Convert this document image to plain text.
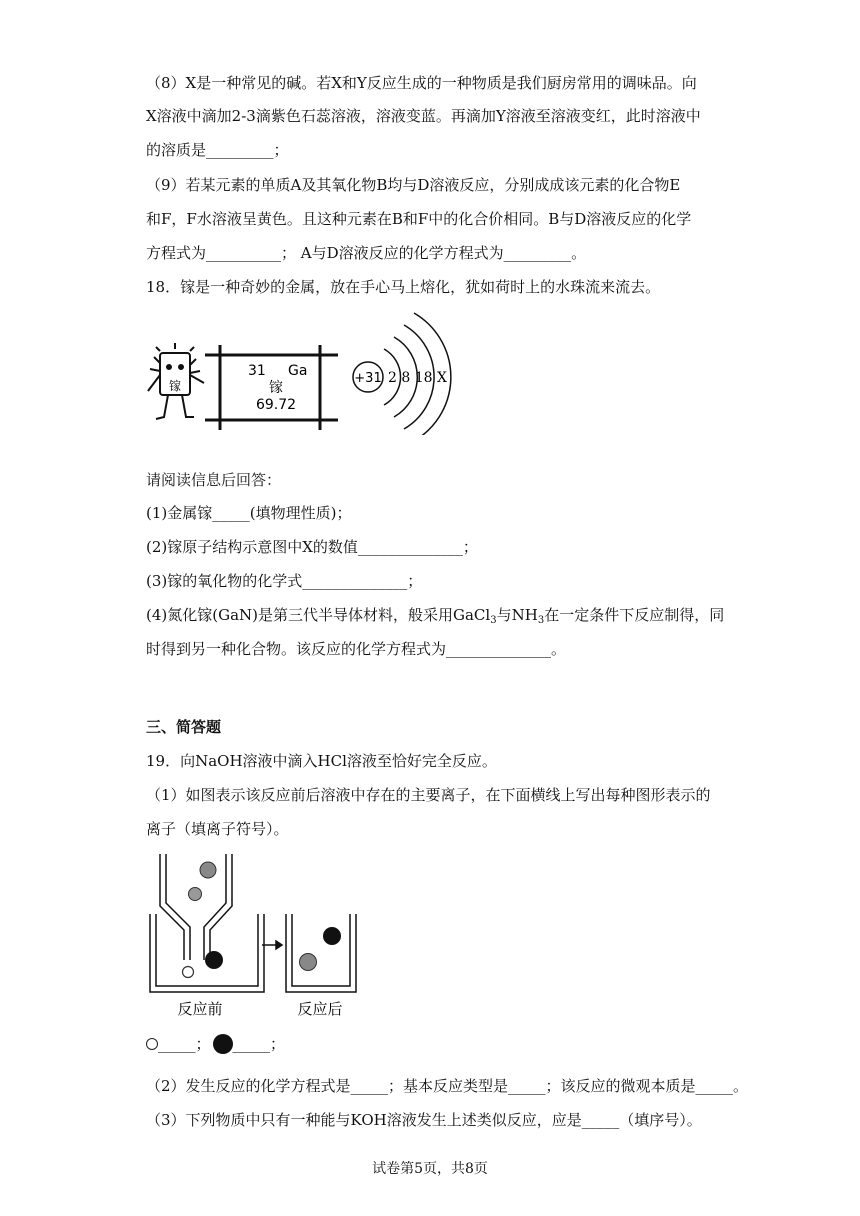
（8）X是一种常见的碱。若X和Y反应生成的一种物质是我们厨房常用的调味品。向
X溶液中滴加2-3滴紫色石蕊溶液，溶液变蓝。再滴加Y溶液至溶液变红，此时溶液中
的溶质是_________；
（9）若某元素的单质A及其氧化物B均与D溶液反应，分别成成该元素的化合物E
和F，F水溶液呈黄色。且这种元素在B和F中的化合价相同。B与D溶液反应的化学
方程式为__________； A与D溶液反应的化学方程式为_________。
18．镓是一种奇妙的金属，放在手心马上熔化，犹如荷时上的水珠流来流去。
请阅读信息后回答：
(1)金属镓_____(填物理性质)；
(2)镓原子结构示意图中X的数值______________；
(3)镓的氧化物的化学式______________；
时得到另一种化合物。该反应的化学方程式为______________。
19．向NaOH溶液中滴入HCl溶液至恰好完全反应。
（1）如图表示该反应前后溶液中存在的主要离子，在下面横线上写出每种图形表示的
离子（填离子符号）。
（2）发生反应的化学方程式是_____；基本反应类型是_____；该反应的微观本质是_____。
（3）下列物质中只有一种能与KOH溶液发生上述类似反应，应是_____（填序号）。
(4)氮化镓(GaN)是第三代半导体材料，般采用GaCl$_3$与$NH_3$在一定条件下反应制得，同
三、简答题
镓
31 Ga
镓
69.72
+31 2 8 18 X
反应前	反应后
_____； _____；
试卷第5页，共8页
